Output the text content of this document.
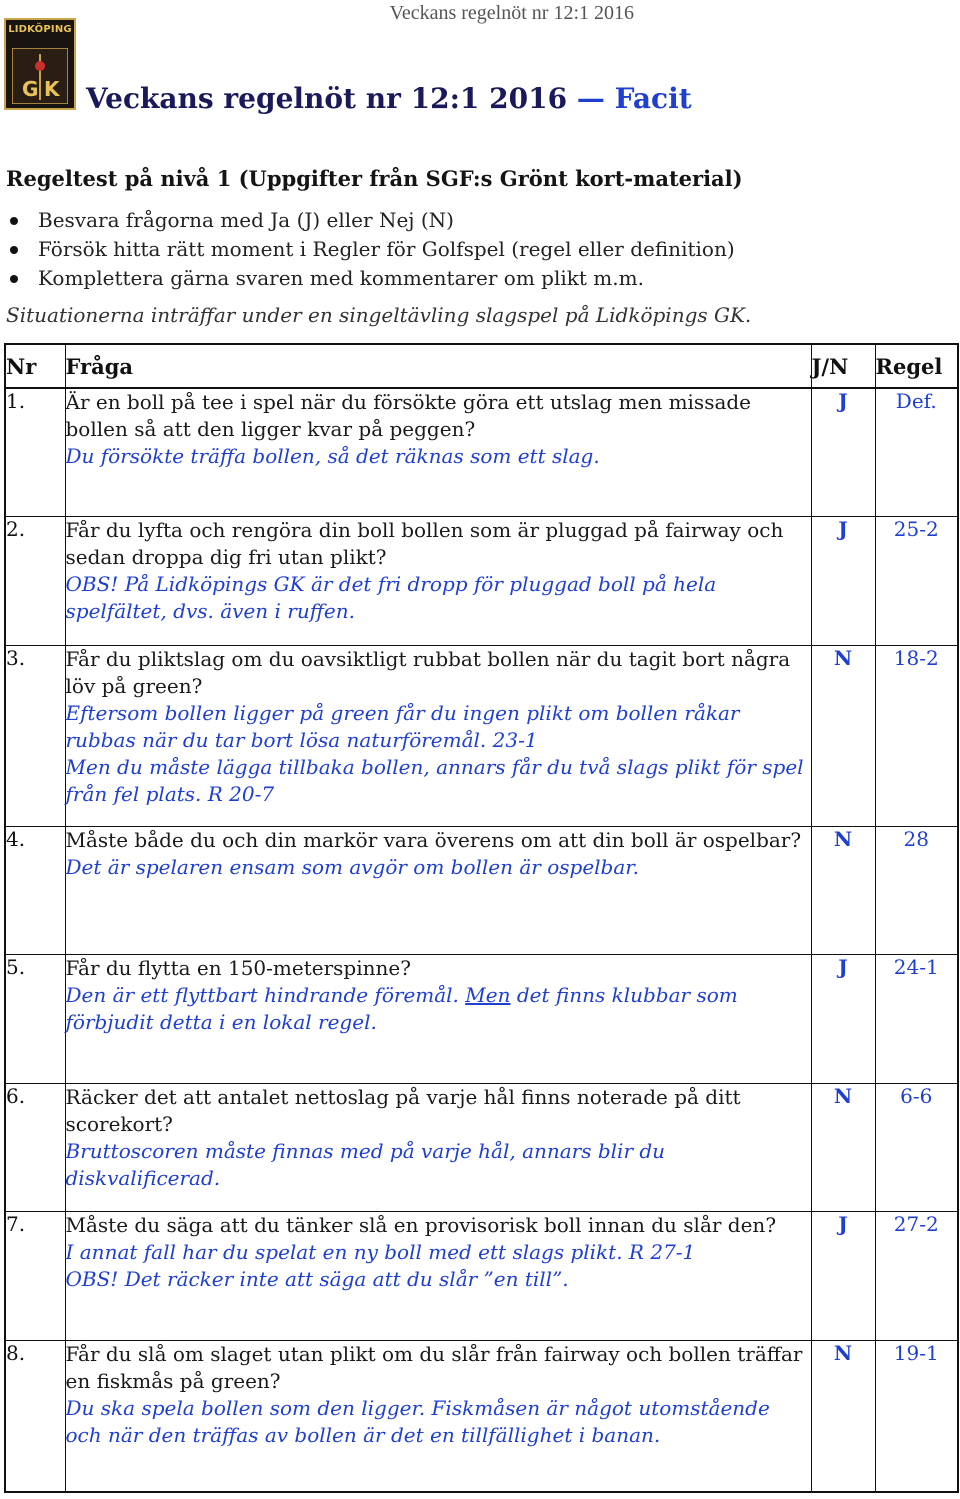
Veckans regelnöt nr 12:1 2016
LIDKÖPING
G K Veckans regelnöt nr 12:1 2016 — Facit
Regeltest på nivå 1 (Uppgifter från SGF:s Grönt kort-material)
Besvara frågorna med Ja (J) eller Nej (N)
Försök hitta rätt moment i Regler för Golfspel (regel eller definition)
Komplettera gärna svaren med kommentarer om plikt m.m.
Situationerna inträffar under en singeltävling slagspel på Lidköpings GK.
Nr	Fråga	J/N	Regel
1.	Är en boll på tee i spel när du försökte göra ett utslag men missade bollen så att den ligger kvar på peggen?
Du försökte träffa bollen, så det räknas som ett slag.	J	Def.
2.	Får du lyfta och rengöra din boll bollen som är pluggad på fairway och sedan droppa dig fri utan plikt?
OBS! På Lidköpings GK är det fri dropp för pluggad boll på hela spelfältet, dvs. även i ruffen.	J	25-2
3.	Får du pliktslag om du oavsiktligt rubbat bollen när du tagit bort några löv på green?
Eftersom bollen ligger på green får du ingen plikt om bollen råkar rubbas när du tar bort lösa naturföremål. 23-1
Men du måste lägga tillbaka bollen, annars får du två slags plikt för spel från fel plats. R 20-7	N	18-2
4.	Måste både du och din markör vara överens om att din boll är ospelbar?
Det är spelaren ensam som avgör om bollen är ospelbar.	N	28
5.	Får du flytta en 150-meterspinne?
Den är ett flyttbart hindrande föremål. Men det finns klubbar som förbjudit detta i en lokal regel.	J	24-1
6.	Räcker det att antalet nettoslag på varje hål finns noterade på ditt scorekort?
Bruttoscoren måste finnas med på varje hål, annars blir du diskvalificerad.	N	6-6
7.	Måste du säga att du tänker slå en provisorisk boll innan du slår den?
I annat fall har du spelat en ny boll med ett slags plikt. R 27-1
OBS! Det räcker inte att säga att du slår ”en till”.	J	27-2
8.	Får du slå om slaget utan plikt om du slår från fairway och bollen träffar en fiskmås på green?
Du ska spela bollen som den ligger. Fiskmåsen är något utomstående och när den träffas av bollen är det en tillfällighet i banan.	N	19-1
